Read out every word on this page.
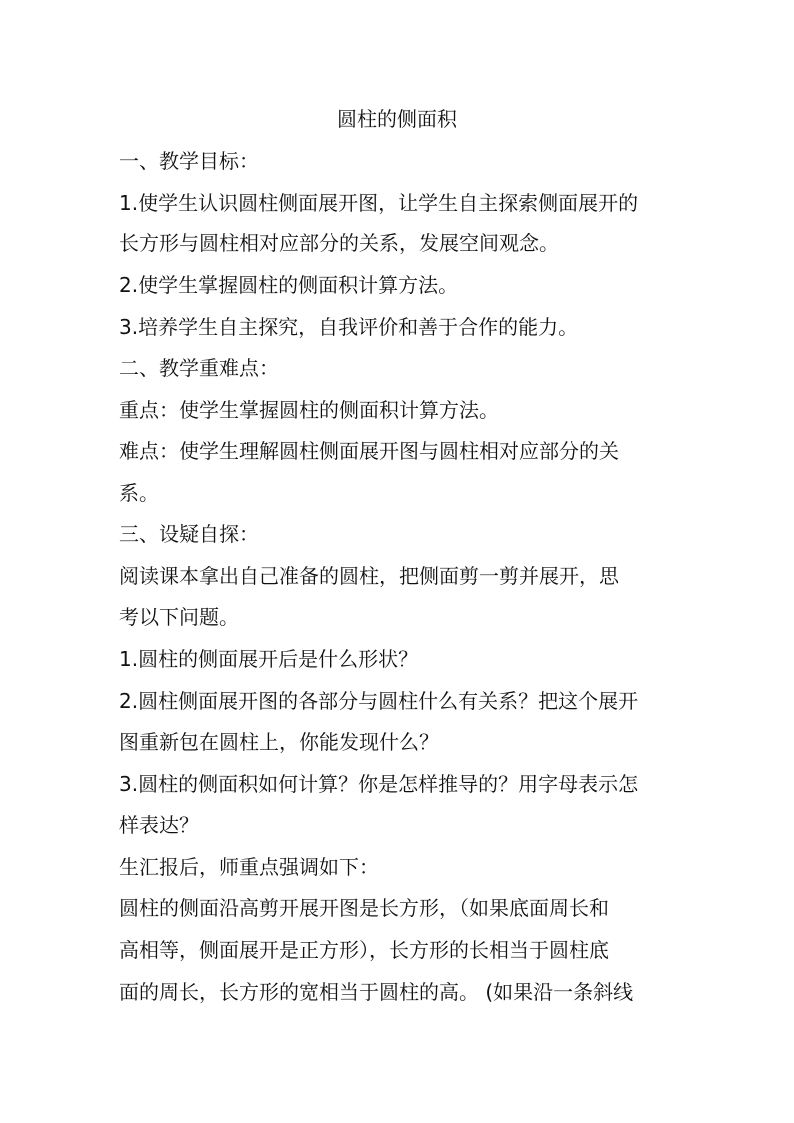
圆柱的侧面积
一、教学目标：
1.使学生认识圆柱侧面展开图，让学生自主探索侧面展开的
长方形与圆柱相对应部分的关系，发展空间观念。
2.使学生掌握圆柱的侧面积计算方法。
3.培养学生自主探究，自我评价和善于合作的能力。
二、教学重难点：
重点：使学生掌握圆柱的侧面积计算方法。
难点：使学生理解圆柱侧面展开图与圆柱相对应部分的关
系。
三、设疑自探：
阅读课本拿出自己准备的圆柱，把侧面剪一剪并展开，思
考以下问题。
1.圆柱的侧面展开后是什么形状？
2.圆柱侧面展开图的各部分与圆柱什么有关系？把这个展开
图重新包在圆柱上，你能发现什么？
3.圆柱的侧面积如何计算？你是怎样推导的？用字母表示怎
样表达？
生汇报后，师重点强调如下：
圆柱的侧面沿高剪开展开图是长方形，（如果底面周长和
高相等，侧面展开是正方形），长方形的长相当于圆柱底
面的周长，长方形的宽相当于圆柱的高。 (如果沿一条斜线
